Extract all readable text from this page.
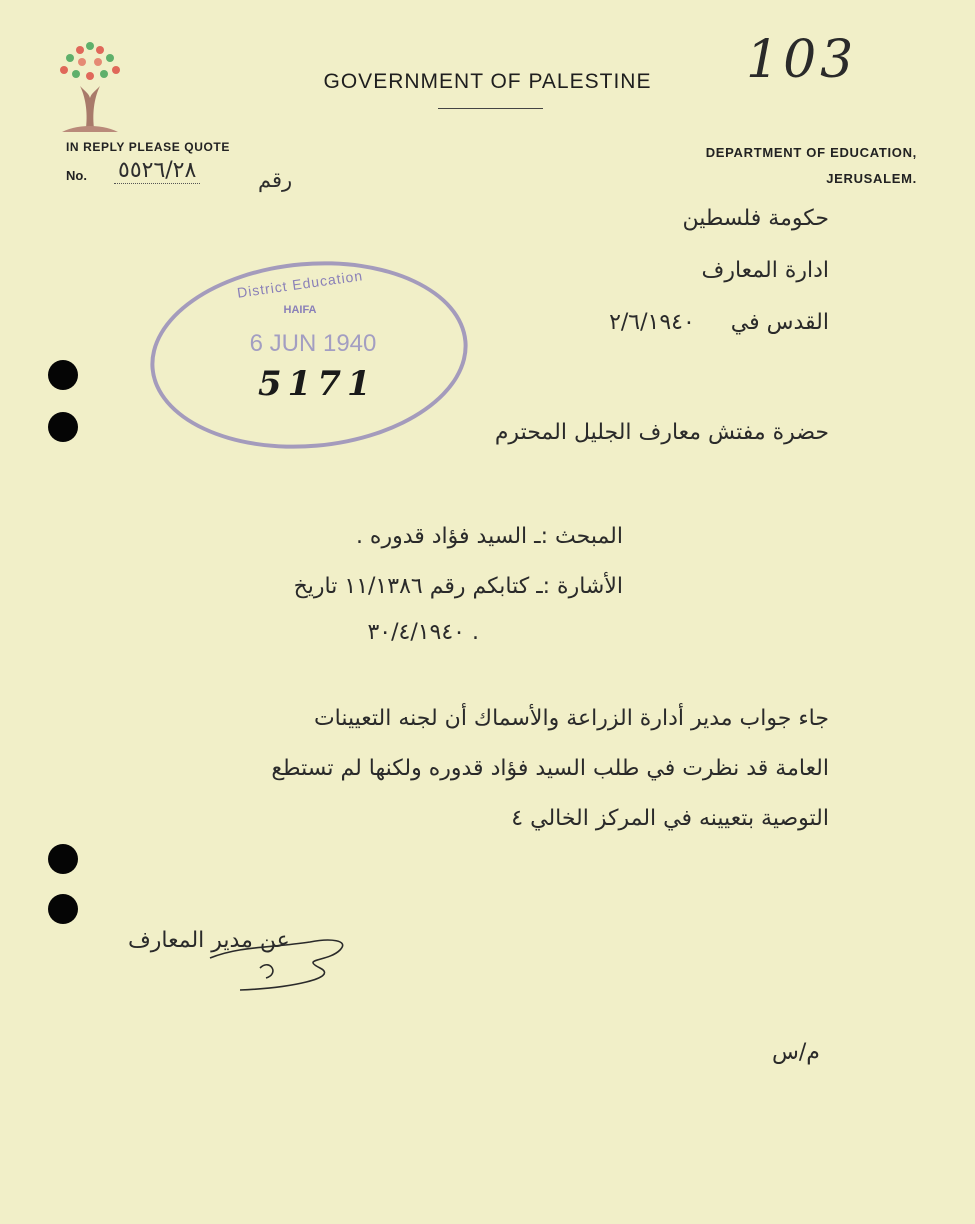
GOVERNMENT OF PALESTINE	103
IN REPLY PLEASE QUOTE
No. ٥٥٢٦/٢٨	رقم
DEPARTMENT OF EDUCATION,
JERUSALEM.
حكومة فلسطين
ادارة المعارف
القدس في  ٢/٦/١٩٤٠
District Education
HAIFA
6 JUN 1940
5171
حضرة مفتش معارف الجليل المحترم
المبحث :ـ السيد فؤاد قدوره .
الأشارة :ـ كتابكم رقم ١١/١٣٨٦ تاريخ
٣٠/٤/١٩٤٠ .
جاء جواب مدير أدارة الزراعة والأسماك أن لجنه التعيينات
العامة قد نظرت في طلب السيد فؤاد قدوره ولكنها لم تستطع
التوصية بتعيينه في المركز الخالي ٤
عن مدير المعارف
م/س
